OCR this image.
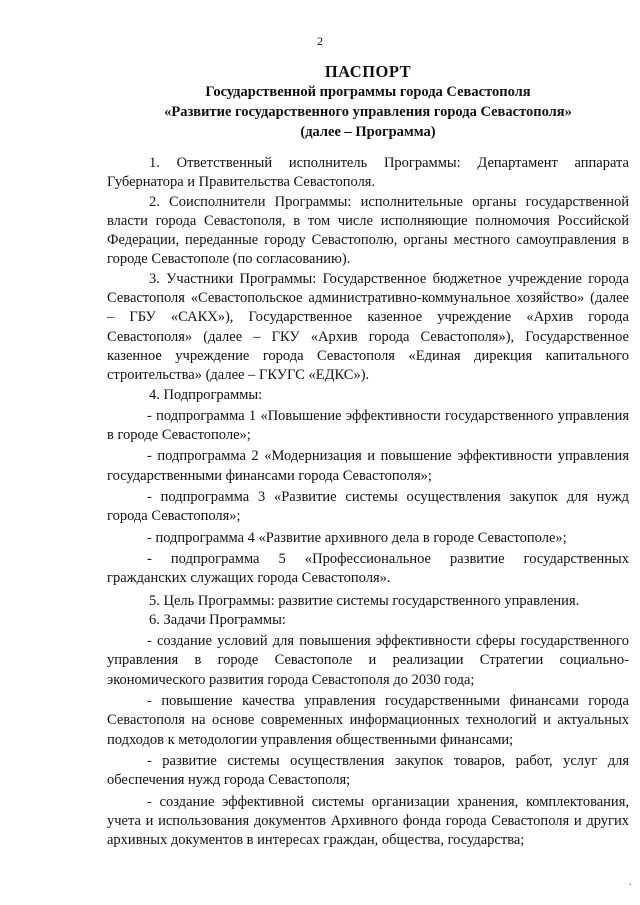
2
ПАСПОРТ
Государственной программы города Севастополя
«Развитие государственного управления города Севастополя»
(далее – Программа)

1. Ответственный исполнитель Программы: Департамент аппарата Губернатора и Правительства Севастополя.

2. Соисполнители Программы: исполнительные органы государственной власти города Севастополя, в том числе исполняющие полномочия Российской Федерации, переданные городу Севастополю, органы местного самоуправления в городе Севастополе (по согласованию).

3. Участники Программы: Государственное бюджетное учреждение города Севастополя «Севастопольское административно-коммунальное хозяйство» (далее – ГБУ «САКХ»), Государственное казенное учреждение «Архив города Севастополя» (далее – ГКУ «Архив города Севастополя»), Государственное казенное учреждение города Севастополя «Единая дирекция капитального строительства» (далее – ГКУГС «ЕДКС»).

4. Подпрограммы:

- подпрограмма 1 «Повышение эффективности государственного управления в городе Севастополе»;

- подпрограмма 2 «Модернизация и повышение эффективности управления государственными финансами города Севастополя»;

- подпрограмма 3 «Развитие системы осуществления закупок для нужд города Севастополя»;

- подпрограмма 4 «Развитие архивного дела в городе Севастополе»;

- подпрограмма 5 «Профессиональное развитие государственных гражданских служащих города Севастополя».

5. Цель Программы: развитие системы государственного управления.

6. Задачи Программы:

- создание условий для повышения эффективности сферы государственного управления в городе Севастополе и реализации Стратегии социально-экономического развития города Севастополя до 2030 года;

- повышение качества управления государственными финансами города Севастополя на основе современных информационных технологий и актуальных подходов к методологии управления общественными финансами;

- развитие системы осуществления закупок товаров, работ, услуг для обеспечения нужд города Севастополя;

- создание эффективной системы организации хранения, комплектования, учета и использования документов Архивного фонда города Севастополя и других архивных документов в интересах граждан, общества, государства;

·
